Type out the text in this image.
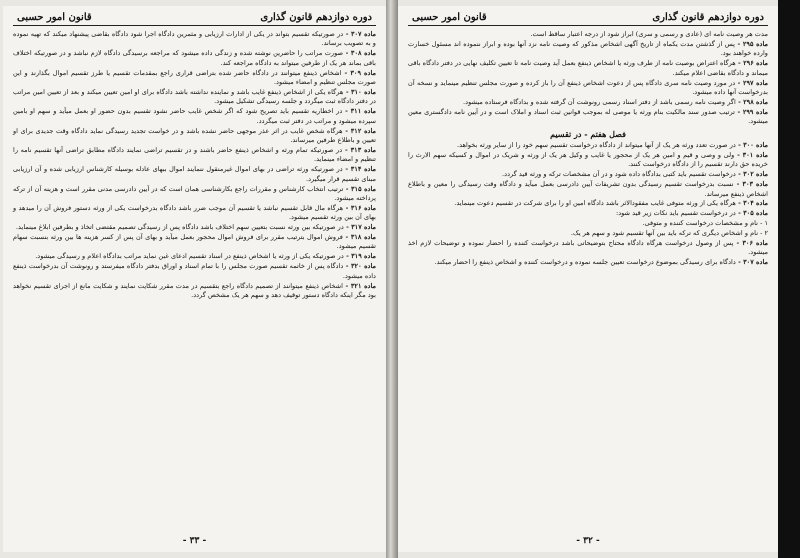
دوره دوازدهم قانون گذاری
قانون امور حسبی

ماده ۳۰۷ - در صورتیکه تقسیم بتواند در یکی از ادارات ارزیابی و مثمرین دادگاه اجرا شود دادگاه بقاضی پیشنهاد میکند که تهیه نموده و به تصویب برساند.

ماده ۳۰۸ - صورت مراتب را حاضرین نوشته شده و زندگی داده میشود که مراجعه برسیدگی دادگاه لازم نباشد و در صورتیکه اختلاف باقی بماند هر یک از طرفین میتواند به دادگاه مراجعه کند.

ماده ۳۰۹ - اشخاص ذینفع میتوانند در دادگاه حاضر شده بتراضی قراری راجع بمقدمات تقسیم یا طرز تقسیم اموال بگذارند و این صورت مجلس تنظیم و امضاء میشود.

ماده ۳۱۰ - هرگاه یکی از اشخاص ذینفع غایب باشد و نماینده نداشته باشد دادگاه برای او امین تعیین میکند و بعد از تعیین امین مراتب در دفتر دادگاه ثبت میگردد و جلسه رسیدگی تشکیل میشود.

ماده ۳۱۱ - در اخطاریه تقسیم باید تصریح شود که اگر شخص غایب حاضر نشود تقسیم بدون حضور او بعمل میآید و سهم او بامین سپرده میشود و مراتب در دفتر ثبت میگردد.

ماده ۳۱۲ - هرگاه شخص غایب در اثر عذر موجهی حاضر نشده باشد و در خواست تجدید رسیدگی نماید دادگاه وقت جدیدی برای او تعیین و باطلاع طرفین میرساند.

ماده ۳۱۳ - در صورتیکه تمام ورثه و اشخاص ذینفع حاضر باشند و در تقسیم تراضی نمایند دادگاه مطابق تراضی آنها تقسیم نامه را تنظیم و امضاء مینماید.

ماده ۳۱۴ - در صورتیکه ورثه تراضی در بهای اموال غیرمنقول ننمایند اموال ببهای عادله بوسیله کارشناس ارزیابی شده و آن ارزیابی مبنای تقسیم قرار میگیرد.

ماده ۳۱۵ - ترتیب انتخاب کارشناس و مقررات راجع بکارشناسی همان است که در آیین دادرسی مدنی مقرر است و هزینه آن از ترکه پرداخته میشود.

ماده ۳۱۶ - هرگاه مال قابل تقسیم نباشد یا تقسیم آن موجب ضرر باشد دادگاه بدرخواست یکی از ورثه دستور فروش آن را میدهد و بهای آن بین ورثه تقسیم میشود.

ماده ۳۱۷ - در صورتیکه بین ورثه نسبت بتعیین سهم اختلاف باشد دادگاه پس از رسیدگی تصمیم مقتضی اتخاذ و بطرفین ابلاغ مینماید.

ماده ۳۱۸ - فروش اموال بترتیب مقرر برای فروش اموال محجور بعمل میآید و بهای آن پس از کسر هزینه ها بین ورثه بنسبت سهام تقسیم میشود.

ماده ۳۱۹ - در صورتیکه یکی از ورثه یا اشخاص ذینفع در اسناد تقسیم ادعای غبن نماید مراتب بدادگاه اعلام و رسیدگی میشود.

ماده ۳۲۰ - دادگاه پس از خاتمه تقسیم صورت مجلس را با تمام اسناد و اوراق بدفتر دادگاه میفرستد و رونوشت آن بدرخواست ذینفع داده میشود.

ماده ۳۲۱ - اشخاص ذینفع میتوانند از تصمیم دادگاه راجع بتقسیم در مدت مقرر شکایت نمایند و شکایت مانع از اجرای تقسیم نخواهد بود مگر اینکه دادگاه دستور توقیف دهد و سهم هر یک مشخص گردد.

- ۳۳ -
دوره دوازدهم قانون گذاری
قانون امور حسبی

مدت هر وصیت نامه ای (عادی و رسمی و سری) ابراز شود از درجه اعتبار ساقط است.

ماده ۲۹۵ - پس از گذشتن مدت یکماه از تاریخ آگهی اشخاص مذکور که وصیت نامه نزد آنها بوده و ابراز ننموده اند مسئول خسارت وارده خواهند بود.

ماده ۲۹۶ - هرگاه اعتراض بوصیت نامه از طرف ورثه یا اشخاص ذینفع بعمل آید وصیت نامه تا تعیین تکلیف نهایی در دفتر دادگاه باقی میماند و دادگاه بقاضی اعلام میکند.

ماده ۲۹۷ - در مورد وصیت نامه سری دادگاه پس از دعوت اشخاص ذینفع آن را باز کرده و صورت مجلس تنظیم مینماید و نسخه آن بدرخواست آنها داده میشود.

ماده ۲۹۸ - اگر وصیت نامه رسمی باشد از دفتر اسناد رسمی رونوشت آن گرفته شده و بدادگاه فرستاده میشود.

ماده ۲۹۹ - ترتیب صدور سند مالکیت بنام ورثه یا موصی له بموجب قوانین ثبت اسناد و املاک است و در آیین نامه دادگستری معین میشود.

فصل هفتم - در تقسیم

ماده ۳۰۰ - در صورت تعدد ورثه هر یک از آنها میتواند از دادگاه درخواست تقسیم سهم خود را از سایر ورثه بخواهد.

ماده ۳۰۱ - ولی و وصی و قیم و امین هر یک از محجور یا غایب و وکیل هر یک از ورثه و شریک در اموال و کسیکه سهم الارث را خریده حق دارند تقسیم را از دادگاه درخواست کنند.

ماده ۳۰۲ - درخواست تقسیم باید کتبی بدادگاه داده شود و در آن مشخصات ترکه و ورثه قید گردد.

ماده ۳۰۳ - نسبت بدرخواست تقسیم رسیدگی بدون تشریفات آیین دادرسی بعمل میآید و دادگاه وقت رسیدگی را معین و باطلاع اشخاص ذینفع میرساند.

ماده ۳۰۴ - هرگاه یکی از ورثه متوفی غایب مفقودالاثر باشد دادگاه امین او را برای شرکت در تقسیم دعوت مینماید.

ماده ۳۰۵ - در درخواست تقسیم باید نکات زیر قید شود:

۱ - نام و مشخصات درخواست کننده و متوفی.

۲ - نام و اشخاص دیگری که ترکه باید بین آنها تقسیم شود و سهم هر یک.

ماده ۳۰۶ - پس از وصول درخواست هرگاه دادگاه محتاج بتوضیحاتی باشد درخواست کننده را احضار نموده و توضیحات لازم اخذ میشود.

ماده ۳۰۷ - دادگاه برای رسیدگی بموضوع درخواست تعیین جلسه نموده و درخواست کننده و اشخاص ذینفع را احضار میکند.

- ۳۲ -
